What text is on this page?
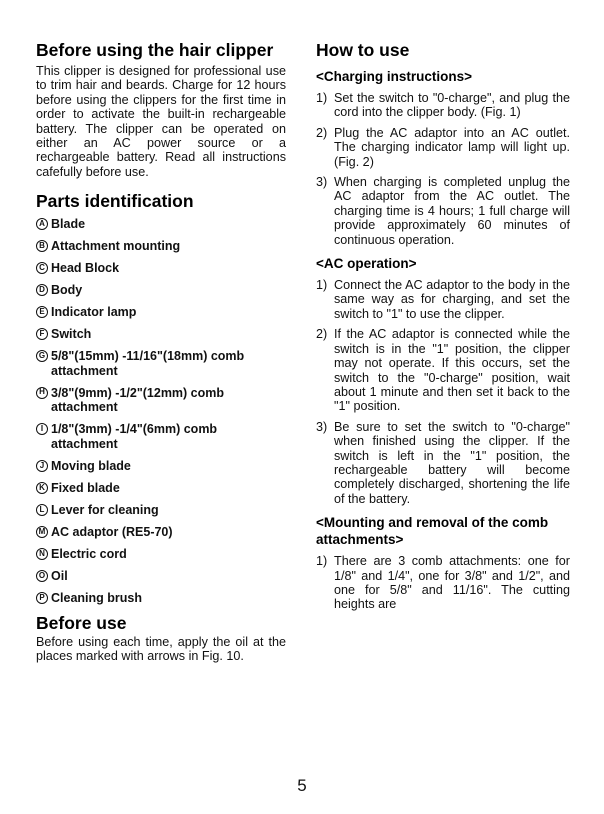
Before using the hair clipper

This clipper is designed for professional use to trim hair and beards. Charge for 12 hours before using the clippers for the first time in order to activate the built-in rechargeable battery. The clipper can be operated on either an AC power source or a rechargeable battery. Read all instructions cafefully before use.

Parts identification
A Blade
B Attachment mounting
C Head Block
D Body
E Indicator lamp
F Switch
G 5/8"(15mm) -11/16"(18mm) comb attachment
H 3/8"(9mm) -1/2"(12mm) comb attachment
I 1/8"(3mm) -1/4"(6mm) comb attachment
J Moving blade
K Fixed blade
L Lever for cleaning
M AC adaptor (RE5-70)
N Electric cord
O Oil
P Cleaning brush
Before use

Before using each time, apply the oil at the places marked with arrows in Fig. 10.

How to use
<Charging instructions>
1) Set the switch to "0-charge", and plug the cord into the clipper body. (Fig. 1)
2) Plug the AC adaptor into an AC outlet. The charging indicator lamp will light up. (Fig. 2)
3) When charging is completed unplug the AC adaptor from the AC outlet. The charging time is 4 hours; 1 full charge will provide approximately 60 minutes of continuous operation.
<AC operation>
1) Connect the AC adaptor to the body in the same way as for charging, and set the switch to "1" to use the clipper.
2) If the AC adaptor is connected while the switch is in the "1" position, the clipper may not operate. If this occurs, set the switch to the "0-charge" position, wait about 1 minute and then set it back to the "1" position.
3) Be sure to set the switch to "0-charge" when finished using the clipper. If the switch is left in the "1" position, the rechargeable battery will become completely discharged, shortening the life of the battery.
<Mounting and removal of the comb attachments>
1) There are 3 comb attachments: one for 1/8" and 1/4", one for 3/8" and 1/2", and one for 5/8" and 11/16". The cutting heights are
5
